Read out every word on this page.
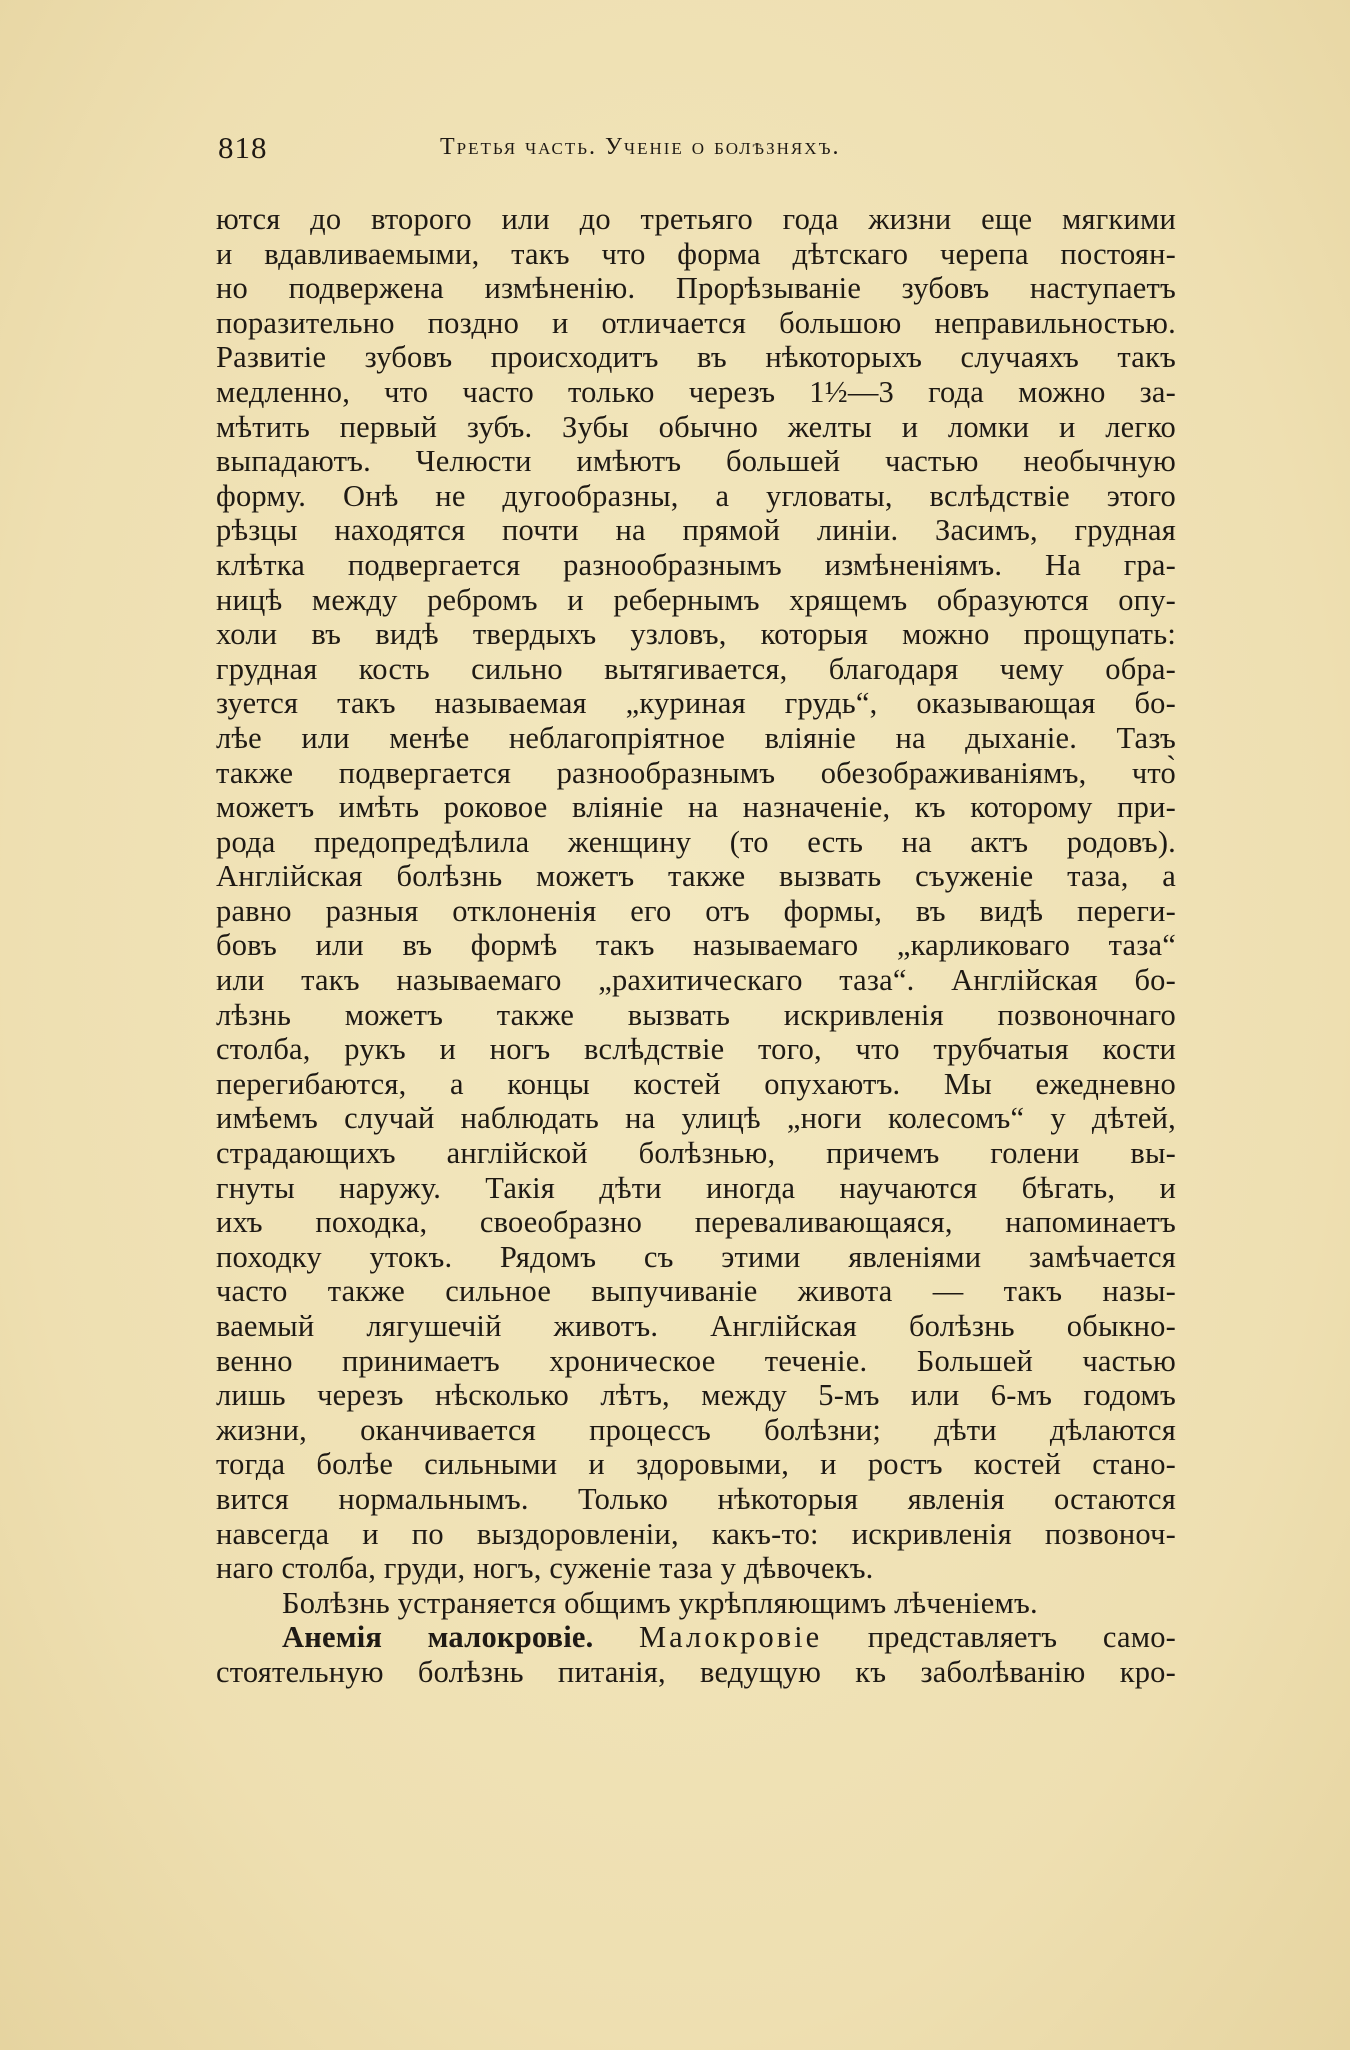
818	Третья часть. Ученіе о болѣзняхъ.
ются до второго или до третьяго года жизни еще мягкими
и вдавливаемыми, такъ что форма дѣтскаго черепа постоян-
но подвержена измѣненію. Прорѣзываніе зубовъ наступаетъ
поразительно поздно и отличается большою неправильностью.
Развитіе зубовъ происходитъ въ нѣкоторыхъ случаяхъ такъ
медленно, что часто только черезъ 1½—3 года можно за-
мѣтить первый зубъ. Зубы обычно желты и ломки и легко
выпадаютъ. Челюсти имѣютъ большей частью необычную
форму. Онѣ не дугообразны, а угловаты, вслѣдствіе этого
рѣзцы находятся почти на прямой линіи. Засимъ, грудная
клѣтка подвергается разнообразнымъ измѣненіямъ. На гра-
ницѣ между ребромъ и ребернымъ хрящемъ образуются опу-
холи въ видѣ твердыхъ узловъ, которыя можно прощупать:
грудная кость сильно вытягивается, благодаря чему обра-
зуется такъ называемая „куриная грудь“, оказывающая бо-
лѣе или менѣе неблагопріятное вліяніе на дыханіе. Тазъ
также подвергается разнообразнымъ обезображиваніямъ, что̀
можетъ имѣть роковое вліяніе на назначеніе, къ которому при-
рода предопредѣлила женщину (то есть на актъ родовъ).
Англійская болѣзнь можетъ также вызвать съуженіе таза, а
равно разныя отклоненія его отъ формы, въ видѣ переги-
бовъ или въ формѣ такъ называемаго „карликоваго таза“
или такъ называемаго „рахитическаго таза“. Англійская бо-
лѣзнь можетъ также вызвать искривленія позвоночнаго
столба, рукъ и ногъ вслѣдствіе того, что трубчатыя кости
перегибаются, а концы костей опухаютъ. Мы ежедневно
имѣемъ случай наблюдать на улицѣ „ноги колесомъ“ у дѣтей,
страдающихъ англійской болѣзнью, причемъ голени вы-
гнуты наружу. Такія дѣти иногда научаются бѣгать, и
ихъ походка, своеобразно переваливающаяся, напоминаетъ
походку утокъ. Рядомъ съ этими явленіями замѣчается
часто также сильное выпучиваніе живота — такъ назы-
ваемый лягушечій животъ. Англійская болѣзнь обыкно-
венно принимаетъ хроническое теченіе. Большей частью
лишь черезъ нѣсколько лѣтъ, между 5-мъ или 6-мъ годомъ
жизни, оканчивается процессъ болѣзни; дѣти дѣлаются
тогда болѣе сильными и здоровыми, и ростъ костей стано-
вится нормальнымъ. Только нѣкоторыя явленія остаются
навсегда и по выздоровленіи, какъ-то: искривленія позвоноч-
наго столба, груди, ногъ, суженіе таза у дѣвочекъ.
Болѣзнь устраняется общимъ укрѣпляющимъ лѣченіемъ.
Анемія малокровіе. Малокровіе представляетъ само-
стоятельную болѣзнь питанія, ведущую къ заболѣванію кро-
